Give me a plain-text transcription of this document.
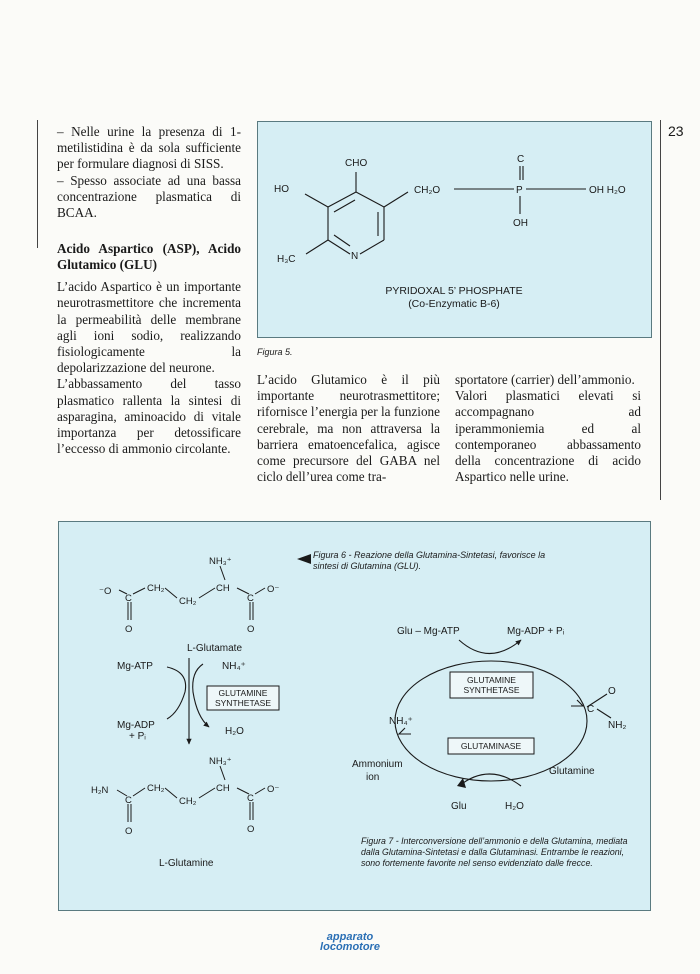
23

– Nelle urine la presenza di 1-metilistidina è da sola sufficiente per formulare diagnosi di SISS.

– Spesso associate ad una bassa concentrazione plasmatica di BCAA.

Acido Aspartico (ASP), Acido Glutamico (GLU)

L’acido Aspartico è un importante neurotrasmettitore che incrementa la permeabilità delle membrane agli ioni sodio, realizzando fisiologicamente la depolarizzazione del neurone.

L’abbassamento del tasso plasmatico rallenta la sintesi di asparagina, aminoacido di vitale importanza per detossificare l’eccesso di ammonio circolante.

CHO
HO	CH₂O	P	OH H₂O
C
OH
H₃C	N
PYRIDOXAL 5’ PHOSPHATE
(Co-Enzymatic B-6)
Figura 5.

L’acido Glutamico è il più importante neurotrasmettitore; rifornisce l’energia per la funzione cerebrale, ma non attraversa la barriera ematoencefalica, agisce come precursore del GABA nel ciclo dell’urea come tra-

sportatore (carrier) dell’ammonio.

Valori plasmatici elevati si accompagnano ad iperammoniemia ed al contemporaneo abbassamento della concentrazione di acido Aspartico nelle urine.

NH₃⁺
⁻O
C
CH₂
CH₂
CH
C
O⁻
O	O
L-Glutamate
Mg-ATP	NH₄⁺
GLUTAMINE SYNTHETASE
Mg-ADP
+ Pᵢ	H₂O
NH₃⁺
H₂N
C
CH₂
CH₂
CH
C
O⁻
O	O
L-Glutamine
Figura 6 - Reazione della Glutamina-Sintetasi, favorisce la sintesi di Glutamina (GLU).
Glu – Mg-ATP	Mg-ADP + Pᵢ
GLUTAMINE SYNTHETASE
GLUTAMINASE
NH₄⁺
Ammonium
ion
C
O
NH₂
Glutamine
Glu	H₂O
Figura 7 - Interconversione dell’ammonio e della Glutamina, mediata dalla Glutamina-Sintetasi e dalla Glutaminasi. Entrambe le reazioni, sono fortemente favorite nel senso evidenziato dalle frecce.
apparato
locomotore
